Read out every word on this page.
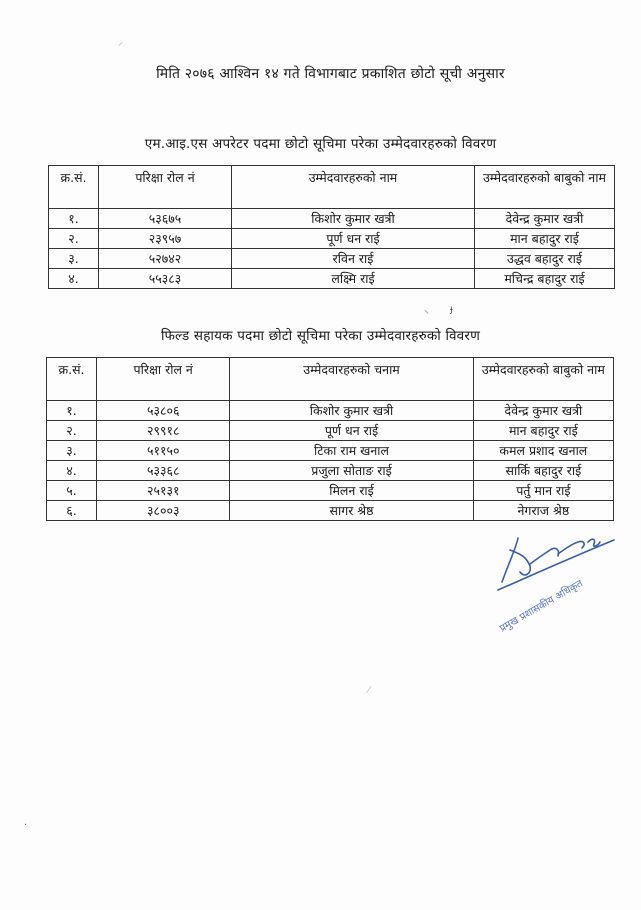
मिति २०७६ आश्विन १४ गते विभागबाट प्रकाशित छोटो सूची अनुसार
एम.आइ.एस अपरेटर पदमा छोटो सूचिमा परेका उम्मेदवारहरुको विवरण
क्र.सं.	परिक्षा रोल नं	उम्मेदवारहरुको नाम	उम्मेदवारहरुको बाबुको नाम
१.	५३६७५	किशोर कुमार खत्री	देवेन्द्र कुमार खत्री
२.	२३९५७	पूर्ण धन राई	मान बहादुर राई
३.	५२७४२	रविन राई	उद्धव बहादुर राई
४.	५५३८३	लक्ष्मि राई	मचिन्द्र बहादुर राई
⸜ ɟ
फिल्ड सहायक पदमा छोटो सूचिमा परेका उम्मेदवारहरुको विवरण
क्र.सं.	परिक्षा रोल नं	उम्मेदवारहरुको चनाम	उम्मेदवारहरुको बाबुको नाम
१.	५३८०६	किशोर कुमार खत्री	देवेन्द्र कुमार खत्री
२.	२९९१८	पूर्ण धन राई	मान बहादुर राई
३.	५११५०	टिका राम खनाल	कमल प्रशाद खनाल
४.	५३३६८	प्रजुला सोताङ राई	सार्कि बहादुर राई
५.	२५१३१	मिलन राई	पर्तु मान राई
६.	३८००३	सागर श्रेष्ठ	नेगराज श्रेष्ठ
प्रमुख प्रशासकीय अधिकृत
⸝
·
⁄
